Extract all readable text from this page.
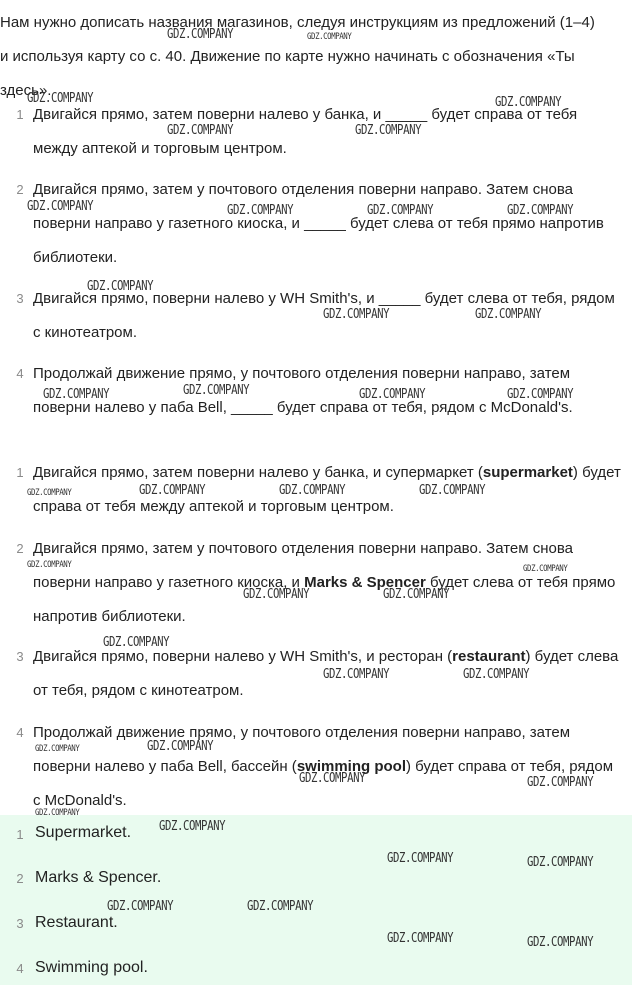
Нам нужно дописать названия магазинов, следуя инструкциям из предложений (1–4) и используя карту со с. 40. Движение по карте нужно начинать с обозначения «Ты здесь».
1 Двигайся прямо, затем поверни налево у банка, и _____ будет справа от тебя между аптекой и торговым центром.
2 Двигайся прямо, затем у почтового отделения поверни направо. Затем снова поверни направо у газетного киоска, и _____ будет слева от тебя прямо напротив библиотеки.
3 Двигайся прямо, поверни налево у WH Smith's, и _____ будет слева от тебя, рядом с кинотеатром.
4 Продолжай движение прямо, у почтового отделения поверни направо, затем поверни налево у паба Bell, _____ будет справа от тебя, рядом с McDonald's.
1 Двигайся прямо, затем поверни налево у банка, и супермаркет (supermarket) будет справа от тебя между аптекой и торговым центром.
2 Двигайся прямо, затем у почтового отделения поверни направо. Затем снова поверни направо у газетного киоска, и Marks & Spencer будет слева от тебя прямо напротив библиотеки.
3 Двигайся прямо, поверни налево у WH Smith's, и ресторан (restaurant) будет слева от тебя, рядом с кинотеатром.
4 Продолжай движение прямо, у почтового отделения поверни направо, затем поверни налево у паба Bell, бассейн (swimming pool) будет справа от тебя, рядом с McDonald's.
1 Supermarket.
2 Marks & Spencer.
3 Restaurant.
4 Swimming pool.
GDZ.COMPANY	GDZ.COMPANY
GDZ.COMPANY	GDZ.COMPANY
GDZ.COMPANY	GDZ.COMPANY
GDZ.COMPANY	GDZ.COMPANY	GDZ.COMPANY	GDZ.COMPANY
GDZ.COMPANY
GDZ.COMPANY	GDZ.COMPANY
GDZ.COMPANY	GDZ.COMPANY	GDZ.COMPANY	GDZ.COMPANY
GDZ.COMPANY	GDZ.COMPANY	GDZ.COMPANY	GDZ.COMPANY
GDZ.COMPANY	GDZ.COMPANY
GDZ.COMPANY	GDZ.COMPANY
GDZ.COMPANY
GDZ.COMPANY	GDZ.COMPANY
GDZ.COMPANY	GDZ.COMPANY
GDZ.COMPANY	GDZ.COMPANY
GDZ.COMPANY
GDZ.COMPANY
GDZ.COMPANY	GDZ.COMPANY
GDZ.COMPANY	GDZ.COMPANY
GDZ.COMPANY	GDZ.COMPANY
